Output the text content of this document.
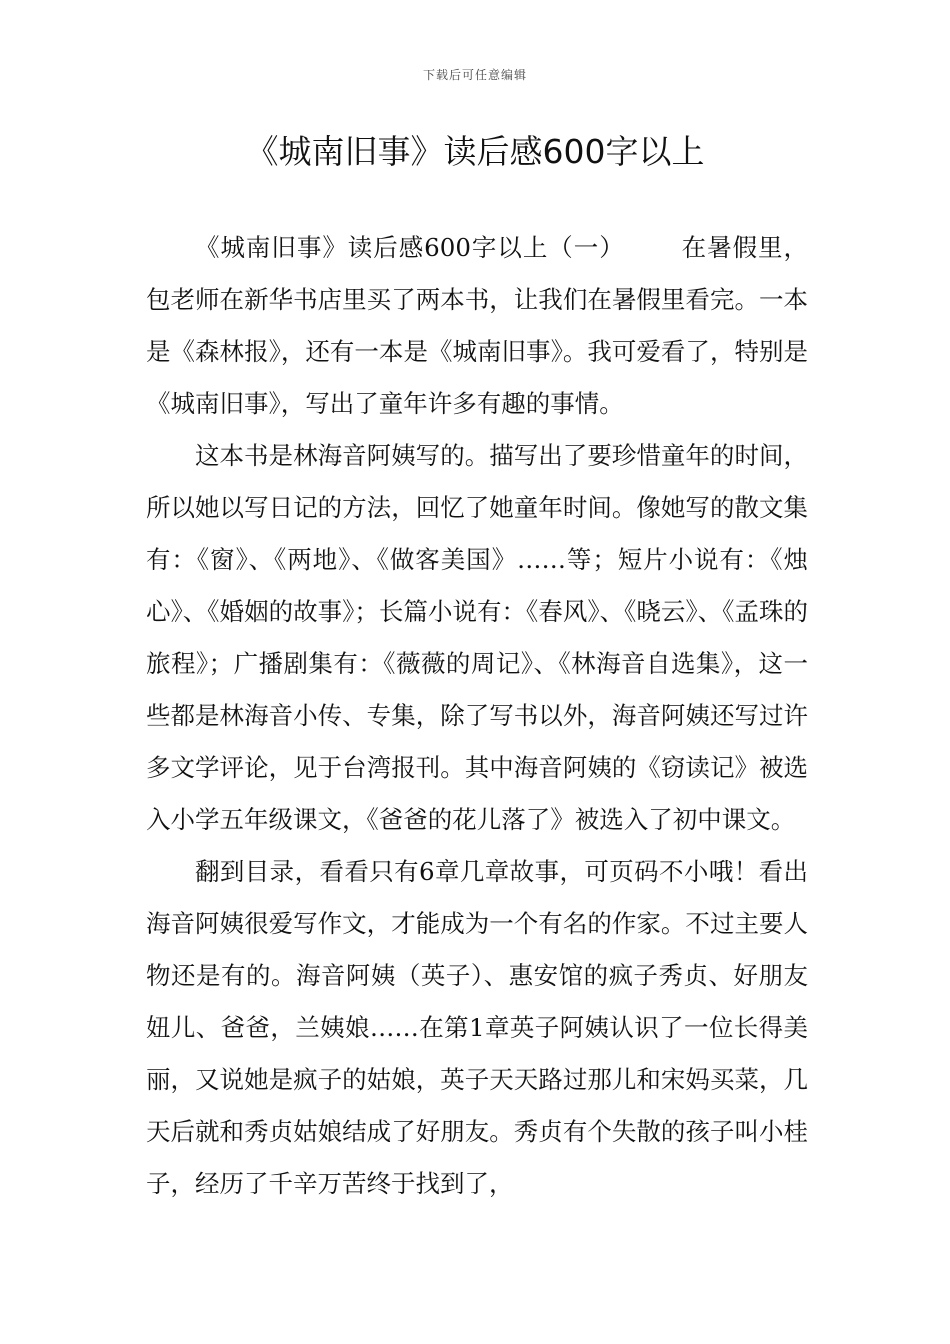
下载后可任意编辑
《城南旧事》读后感600字以上

《城南旧事》读后感600字以上（一） 在暑假里，包老师在新华书店里买了两本书，让我们在暑假里看完。一本是《森林报》，还有一本是《城南旧事》。我可爱看了，特别是《城南旧事》，写出了童年许多有趣的事情。

这本书是林海音阿姨写的。描写出了要珍惜童年的时间，所以她以写日记的方法，回忆了她童年时间。像她写的散文集有：《窗》、《两地》、《做客美国》……等；短片小说有：《烛心》、《婚姻的故事》；长篇小说有：《春风》、《晓云》、《孟珠的旅程》；广播剧集有：《薇薇的周记》、《林海音自选集》，这一些都是林海音小传、专集，除了写书以外，海音阿姨还写过许多文学评论，见于台湾报刊。其中海音阿姨的《窃读记》被选入小学五年级课文，《爸爸的花儿落了》被选入了初中课文。

翻到目录，看看只有6章几章故事，可页码不小哦！看出海音阿姨很爱写作文，才能成为一个有名的作家。不过主要人物还是有的。海音阿姨（英子）、惠安馆的疯子秀贞、好朋友妞儿、爸爸，兰姨娘……在第1章英子阿姨认识了一位长得美丽，又说她是疯子的姑娘，英子天天路过那儿和宋妈买菜，几天后就和秀贞姑娘结成了好朋友。秀贞有个失散的孩子叫小桂子，经历了千辛万苦终于找到了，
